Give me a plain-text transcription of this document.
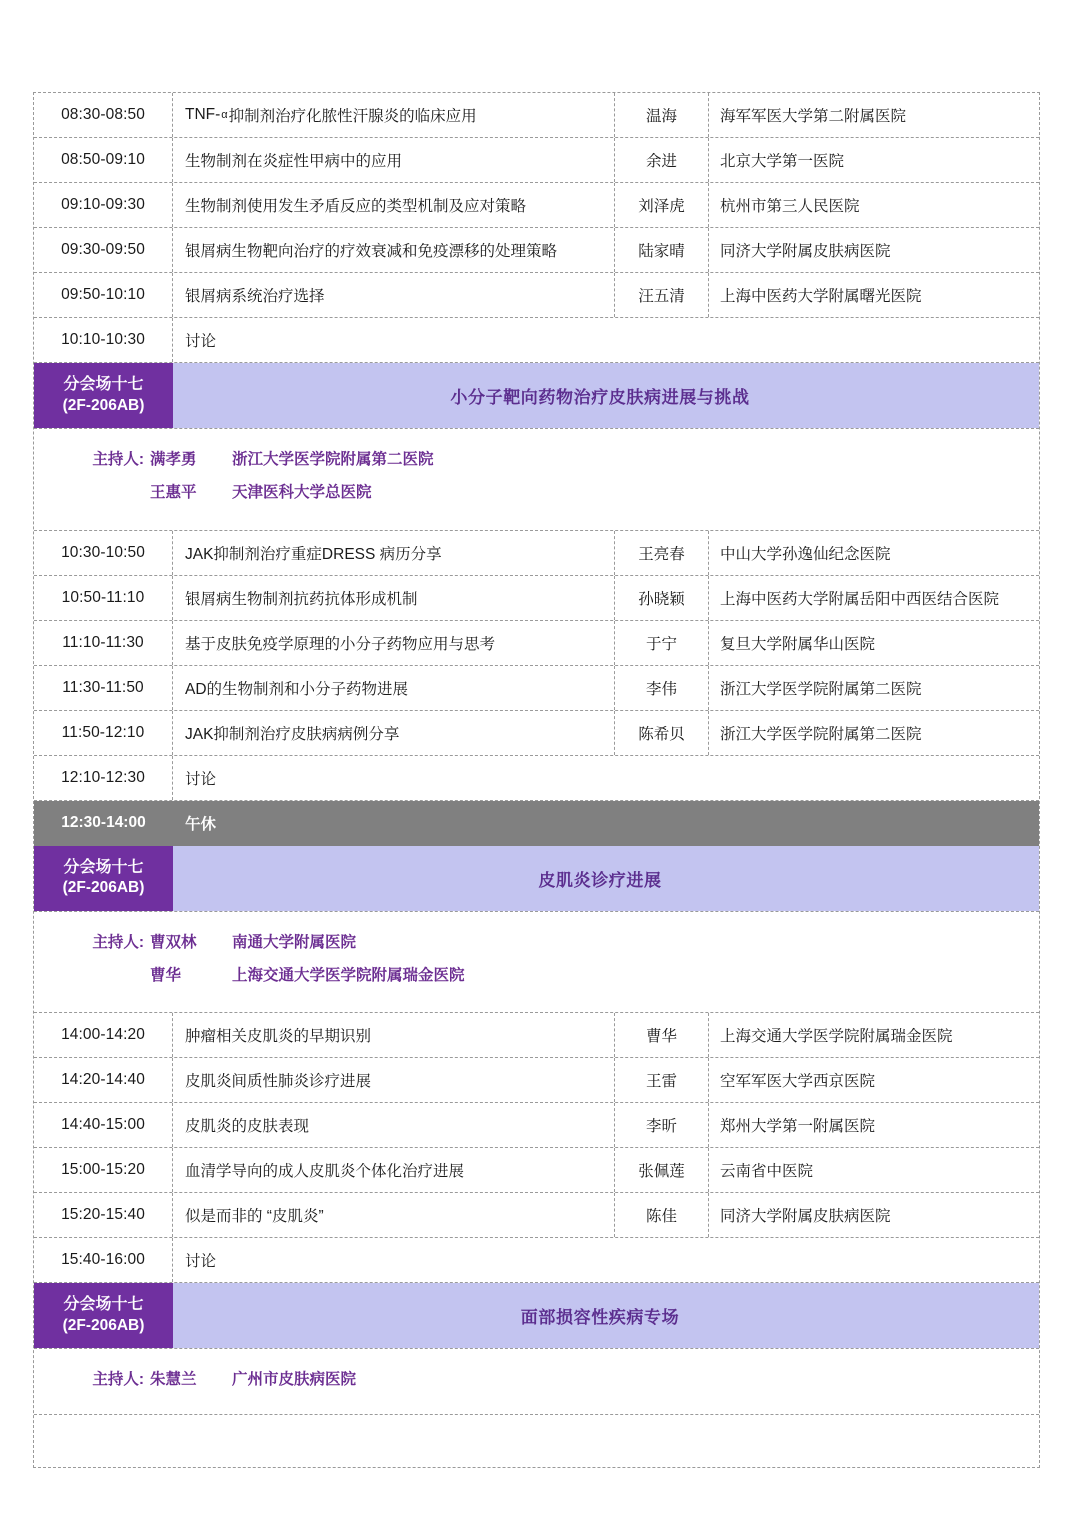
08:30-08:50	TNF- α 抑制剂治疗化脓性汗腺炎的临床应用	温海	海军军医大学第二附属医院
08:50-09:10	生物制剂在炎症性甲病中的应用	余进	北京大学第一医院
09:10-09:30	生物制剂使用发生矛盾反应的类型机制及应对策略	刘泽虎	杭州市第三人民医院
09:30-09:50	银屑病生物靶向治疗的疗效衰减和免疫漂移的处理策略	陆家晴	同济大学附属皮肤病医院
09:50-10:10	银屑病系统治疗选择	汪五清	上海中医药大学附属曙光医院
10:10-10:30	讨论
分会场十七
(2F-206AB)	小分子靶向药物治疗皮肤病进展与挑战
主持人: 满孝勇	浙江大学医学院附属第二医院
王惠平	天津医科大学总医院
10:30-10:50	JAK抑制剂治疗重症DRESS 病历分享	王亮春	中山大学孙逸仙纪念医院
10:50-11:10	银屑病生物制剂抗药抗体形成机制	孙晓颖	上海中医药大学附属岳阳中西医结合医院
11:10-11:30	基于皮肤免疫学原理的小分子药物应用与思考	于宁	复旦大学附属华山医院
11:30-11:50	AD的生物制剂和小分子药物进展	李伟	浙江大学医学院附属第二医院
11:50-12:10	JAK抑制剂治疗皮肤病病例分享	陈希贝	浙江大学医学院附属第二医院
12:10-12:30	讨论
12:30-14:00	午休
分会场十七
(2F-206AB)	皮肌炎诊疗进展
主持人: 曹双林	南通大学附属医院
曹华	上海交通大学医学院附属瑞金医院
14:00-14:20	肿瘤相关皮肌炎的早期识别	曹华	上海交通大学医学院附属瑞金医院
14:20-14:40	皮肌炎间质性肺炎诊疗进展	王雷	空军军医大学西京医院
14:40-15:00	皮肌炎的皮肤表现	李昕	郑州大学第一附属医院
15:00-15:20	血清学导向的成人皮肌炎个体化治疗进展	张佩莲	云南省中医院
15:20-15:40	似是而非的 “皮肌炎”	陈佳	同济大学附属皮肤病医院
15:40-16:00	讨论
分会场十七
(2F-206AB)	面部损容性疾病专场
主持人: 朱慧兰	广州市皮肤病医院
